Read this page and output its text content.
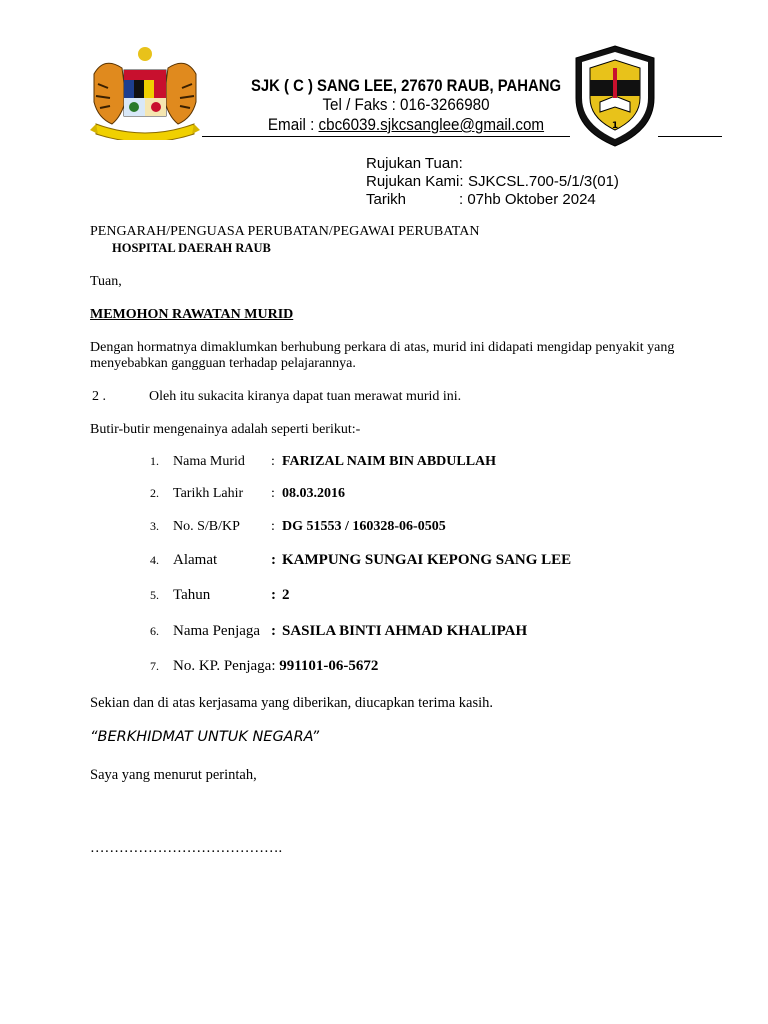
SJK ( C ) SANG LEE, 27670 RAUB, PAHANG
Tel / Faks : 016-3266980
Email : cbc6039.sjkcsanglee@gmail.com	1
Rujukan Tuan:
Rujukan Kami: SJKCSL.700-5/1/3(01)
Tarikh	: 07hb Oktober 2024
PENGARAH/PENGUASA PERUBATAN/PEGAWAI PERUBATAN
HOSPITAL DAERAH RAUB
Tuan,
MEMOHON RAWATAN MURID
Dengan hormatnya dimaklumkan berhubung perkara di atas, murid ini didapati mengidap penyakit yang
menyebabkan gangguan terhadap pelajarannya.
2 .	Oleh itu sukacita kiranya dapat tuan merawat murid ini.
Butir-butir mengenainya adalah seperti berikut:-
1. Nama Murid : FARIZAL NAIM BIN ABDULLAH
2. Tarikh Lahir : 08.03.2016
3. No. S/B/KP : DG 51553 / 160328-06-0505
4. Alamat	: KAMPUNG SUNGAI KEPONG SANG LEE
5. Tahun	: 2
6. Nama Penjaga : SASILA BINTI AHMAD KHALIPAH
7. No. KP. Penjaga: 991101-06-5672
Sekian dan di atas kerjasama yang diberikan, diucapkan terima kasih.
“BERKHIDMAT UNTUK NEGARA”
Saya yang menurut perintah,
………………………………….
